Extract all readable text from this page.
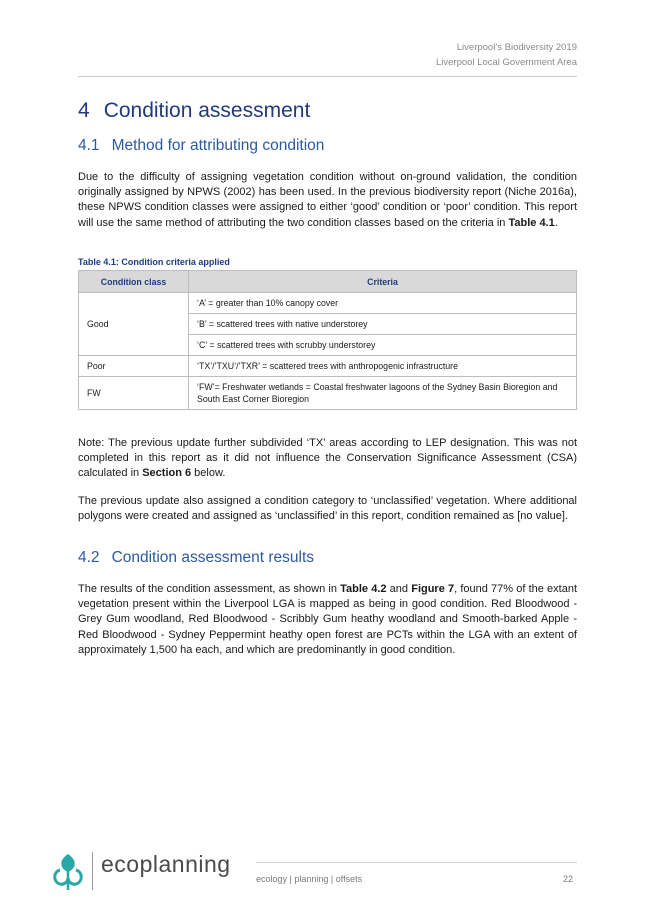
Liverpool’s Biodiversity 2019
Liverpool Local Government Area
4 Condition assessment
4.1 Method for attributing condition

Due to the difficulty of assigning vegetation condition without on-ground validation, the condition originally assigned by NPWS (2002) has been used. In the previous biodiversity report (Niche 2016a), these NPWS condition classes were assigned to either ‘good’ condition or ‘poor’ condition. This report will use the same method of attributing the two condition classes based on the criteria in Table 4.1.

Table 4.1: Condition criteria applied
Condition class	Criteria
Good	‘A’ = greater than 10% canopy cover
	‘B’ = scattered trees with native understorey
	‘C’ = scattered trees with scrubby understorey
Poor	‘TX’/’TXU’/’TXR’ = scattered trees with anthropogenic infrastructure
FW	‘FW’= Freshwater wetlands = Coastal freshwater lagoons of the Sydney Basin Bioregion and South East Corner Bioregion

Note: The previous update further subdivided ‘TX’ areas according to LEP designation. This was not completed in this report as it did not influence the Conservation Significance Assessment (CSA) calculated in Section 6 below.

The previous update also assigned a condition category to ‘unclassified’ vegetation. Where additional polygons were created and assigned as ‘unclassified’ in this report, condition remained as [no value].

4.2 Condition assessment results

The results of the condition assessment, as shown in Table 4.2 and Figure 7, found 77% of the extant vegetation present within the Liverpool LGA is mapped as being in good condition. Red Bloodwood - Grey Gum woodland, Red Bloodwood - Scribbly Gum heathy woodland and Smooth-barked Apple - Red Bloodwood - Sydney Peppermint heathy open forest are PCTs within the LGA with an extent of approximately 1,500 ha each, and which are predominantly in good condition.

ecoplanning
ecology | planning | offsets	22
